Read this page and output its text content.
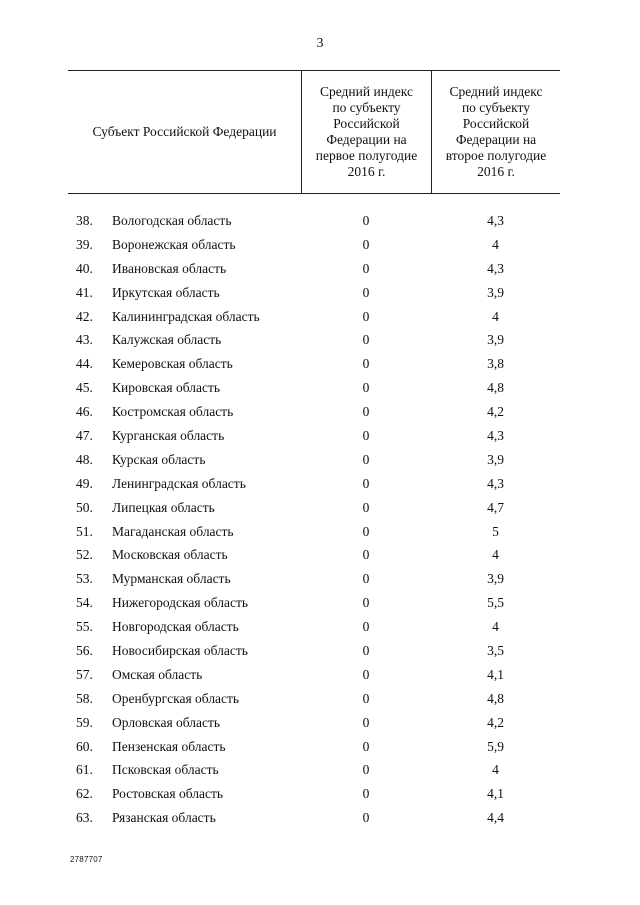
3
Субъект Российской Федерации
Средний индекс
по субъекту
Российской
Федерации на
первое полугодие
2016 г.
Средний индекс
по субъекту
Российской
Федерации на
второе полугодие
2016 г.
38.	Вологодская область	0	4,3
39.	Воронежская область	0	4
40.	Ивановская область	0	4,3
41.	Иркутская область	0	3,9
42.	Калининградская область	0	4
43.	Калужская область	0	3,9
44.	Кемеровская область	0	3,8
45.	Кировская область	0	4,8
46.	Костромская область	0	4,2
47.	Курганская область	0	4,3
48.	Курская область	0	3,9
49.	Ленинградская область	0	4,3
50.	Липецкая область	0	4,7
51.	Магаданская область	0	5
52.	Московская область	0	4
53.	Мурманская область	0	3,9
54.	Нижегородская область	0	5,5
55.	Новгородская область	0	4
56.	Новосибирская область	0	3,5
57.	Омская область	0	4,1
58.	Оренбургская область	0	4,8
59.	Орловская область	0	4,2
60.	Пензенская область	0	5,9
61.	Псковская область	0	4
62.	Ростовская область	0	4,1
63.	Рязанская область	0	4,4
2787707
